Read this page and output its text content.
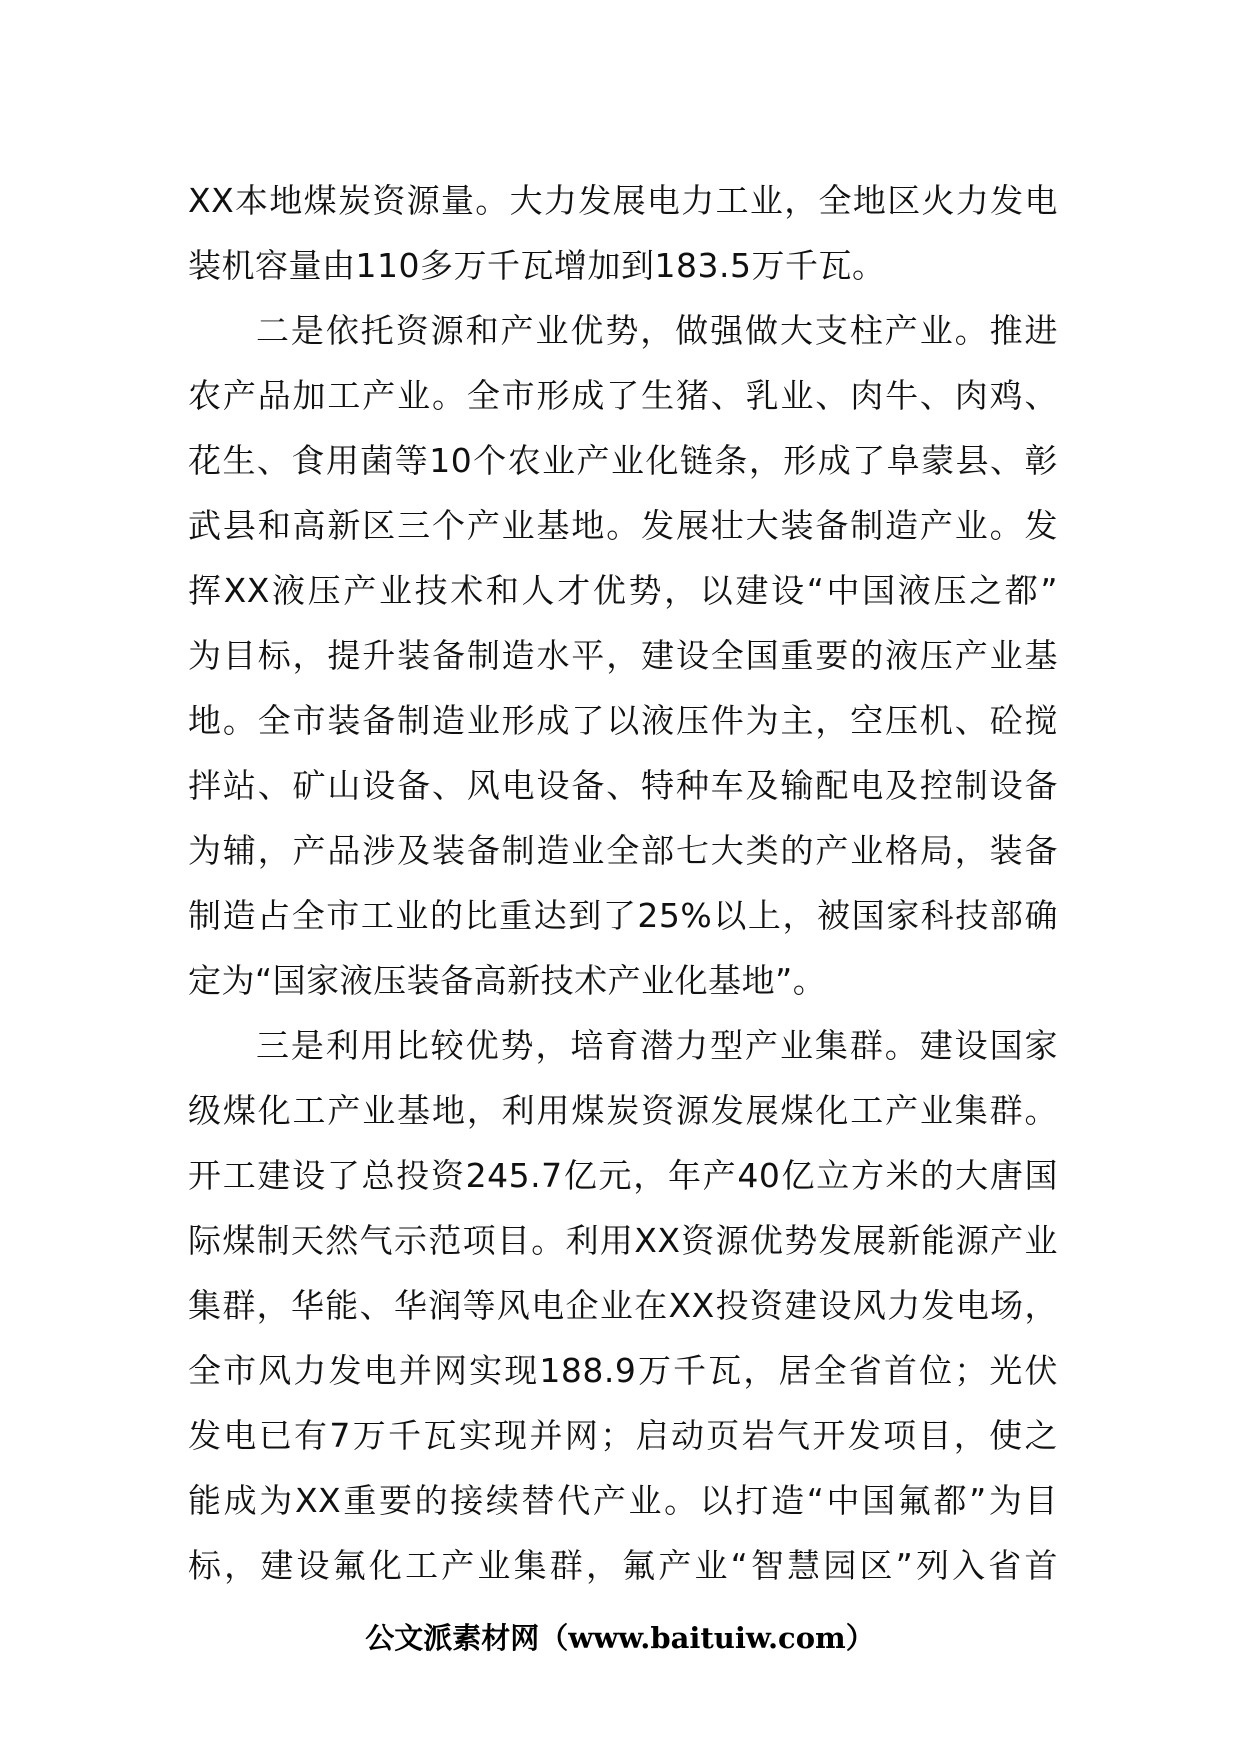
XX本地煤炭资源量。大力发展电力工业，全地区火力发电
装机容量由110多万千瓦增加到183.5万千瓦。
二是依托资源和产业优势，做强做大支柱产业。推进
农产品加工产业。全市形成了生猪、乳业、肉牛、肉鸡、
花生、食用菌等10个农业产业化链条，形成了阜蒙县、彰
武县和高新区三个产业基地。发展壮大装备制造产业。发
挥XX液压产业技术和人才优势，以建设“中国液压之都”
为目标，提升装备制造水平，建设全国重要的液压产业基
地。全市装备制造业形成了以液压件为主，空压机、砼搅
拌站、矿山设备、风电设备、特种车及输配电及控制设备
为辅，产品涉及装备制造业全部七大类的产业格局，装备
制造占全市工业的比重达到了25%以上，被国家科技部确
定为“国家液压装备高新技术产业化基地”。
三是利用比较优势，培育潜力型产业集群。建设国家
级煤化工产业基地，利用煤炭资源发展煤化工产业集群。
开工建设了总投资245.7亿元，年产40亿立方米的大唐国
际煤制天然气示范项目。利用XX资源优势发展新能源产业
集群，华能、华润等风电企业在XX投资建设风力发电场，
全市风力发电并网实现188.9万千瓦，居全省首位；光伏
发电已有7万千瓦实现并网；启动页岩气开发项目，使之
能成为XX重要的接续替代产业。以打造“中国氟都”为目
标，建设氟化工产业集群，氟产业“智慧园区”列入省首
公文派素材网（www.baituiw.com）
